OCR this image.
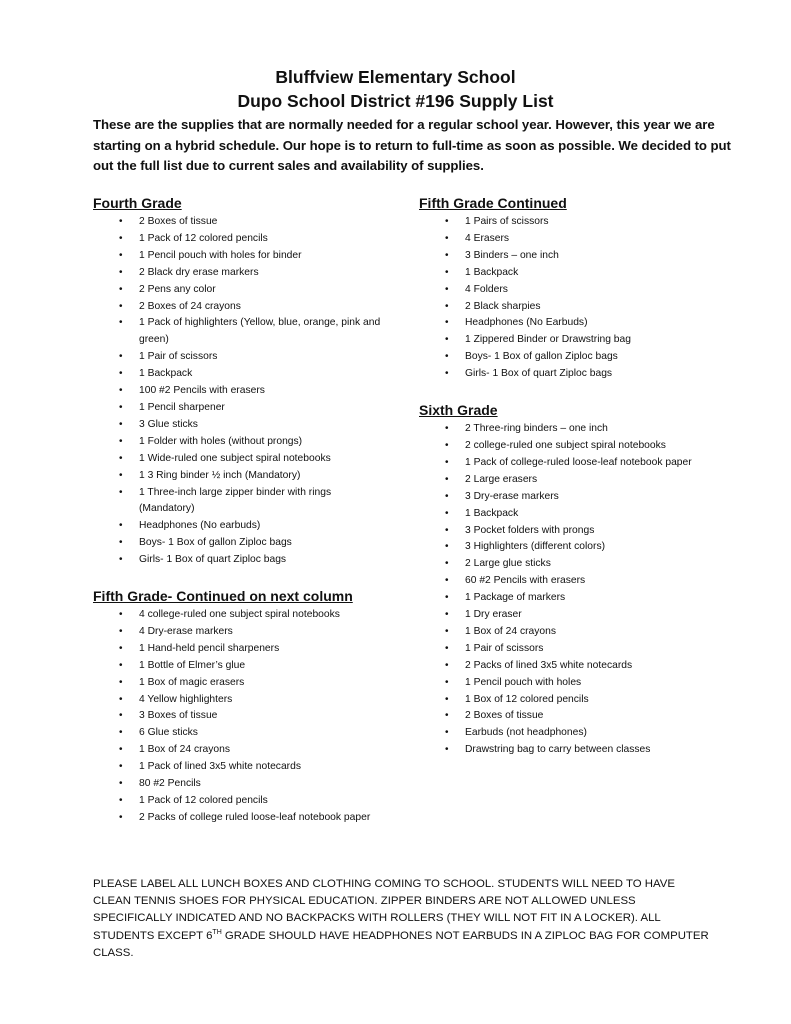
Bluffview Elementary School
Dupo School District #196 Supply List
These are the supplies that are normally needed for a regular school year. However, this year we are starting on a hybrid schedule. Our hope is to return to full-time as soon as possible. We decided to put out the full list due to current sales and availability of supplies.
Fourth Grade
• 2 Boxes of tissue
• 1 Pack of 12 colored pencils
• 1 Pencil pouch with holes for binder
• 2 Black dry erase markers
• 2 Pens any color
• 2 Boxes of 24 crayons
• 1 Pack of highlighters (Yellow, blue, orange, pink and green)
• 1 Pair of scissors
• 1 Backpack
• 100 #2 Pencils with erasers
• 1 Pencil sharpener
• 3 Glue sticks
• 1 Folder with holes (without prongs)
• 1 Wide-ruled one subject spiral notebooks
• 1 3 Ring binder ½ inch (Mandatory)
• 1 Three-inch large zipper binder with rings (Mandatory)
• Headphones (No earbuds)
• Boys- 1 Box of gallon Ziploc bags
• Girls- 1 Box of quart Ziploc bags
Fifth Grade- Continued on next column
• 4 college-ruled one subject spiral notebooks
• 4 Dry-erase markers
• 1 Hand-held pencil sharpeners
• 1 Bottle of Elmer’s glue
• 1 Box of magic erasers
• 4 Yellow highlighters
• 3 Boxes of tissue
• 6 Glue sticks
• 1 Box of 24 crayons
• 1 Pack of lined 3x5 white notecards
• 80 #2 Pencils
• 1 Pack of 12 colored pencils
• 2 Packs of college ruled loose-leaf notebook paper
Fifth Grade Continued
• 1 Pairs of scissors
• 4 Erasers
• 3 Binders – one inch
• 1 Backpack
• 4 Folders
• 2 Black sharpies
• Headphones (No Earbuds)
• 1 Zippered Binder or Drawstring bag
• Boys- 1 Box of gallon Ziploc bags
• Girls- 1 Box of quart Ziploc bags
Sixth Grade
• 2 Three-ring binders – one inch
• 2 college-ruled one subject spiral notebooks
• 1 Pack of college-ruled loose-leaf notebook paper
• 2 Large erasers
• 3 Dry-erase markers
• 1 Backpack
• 3 Pocket folders with prongs
• 3 Highlighters (different colors)
• 2 Large glue sticks
• 60 #2 Pencils with erasers
• 1 Package of markers
• 1 Dry eraser
• 1 Box of 24 crayons
• 1 Pair of scissors
• 2 Packs of lined 3x5 white notecards
• 1 Pencil pouch with holes
• 1 Box of 12 colored pencils
• 2 Boxes of tissue
• Earbuds (not headphones)
• Drawstring bag to carry between classes
PLEASE LABEL ALL LUNCH BOXES AND CLOTHING COMING TO SCHOOL. STUDENTS WILL NEED TO HAVE CLEAN TENNIS SHOES FOR PHYSICAL EDUCATION. ZIPPER BINDERS ARE NOT ALLOWED UNLESS SPECIFICALLY INDICATED AND NO BACKPACKS WITH ROLLERS (THEY WILL NOT FIT IN A LOCKER). ALL STUDENTS EXCEPT 6TH GRADE SHOULD HAVE HEADPHONES NOT EARBUDS IN A ZIPLOC BAG FOR COMPUTER CLASS.
